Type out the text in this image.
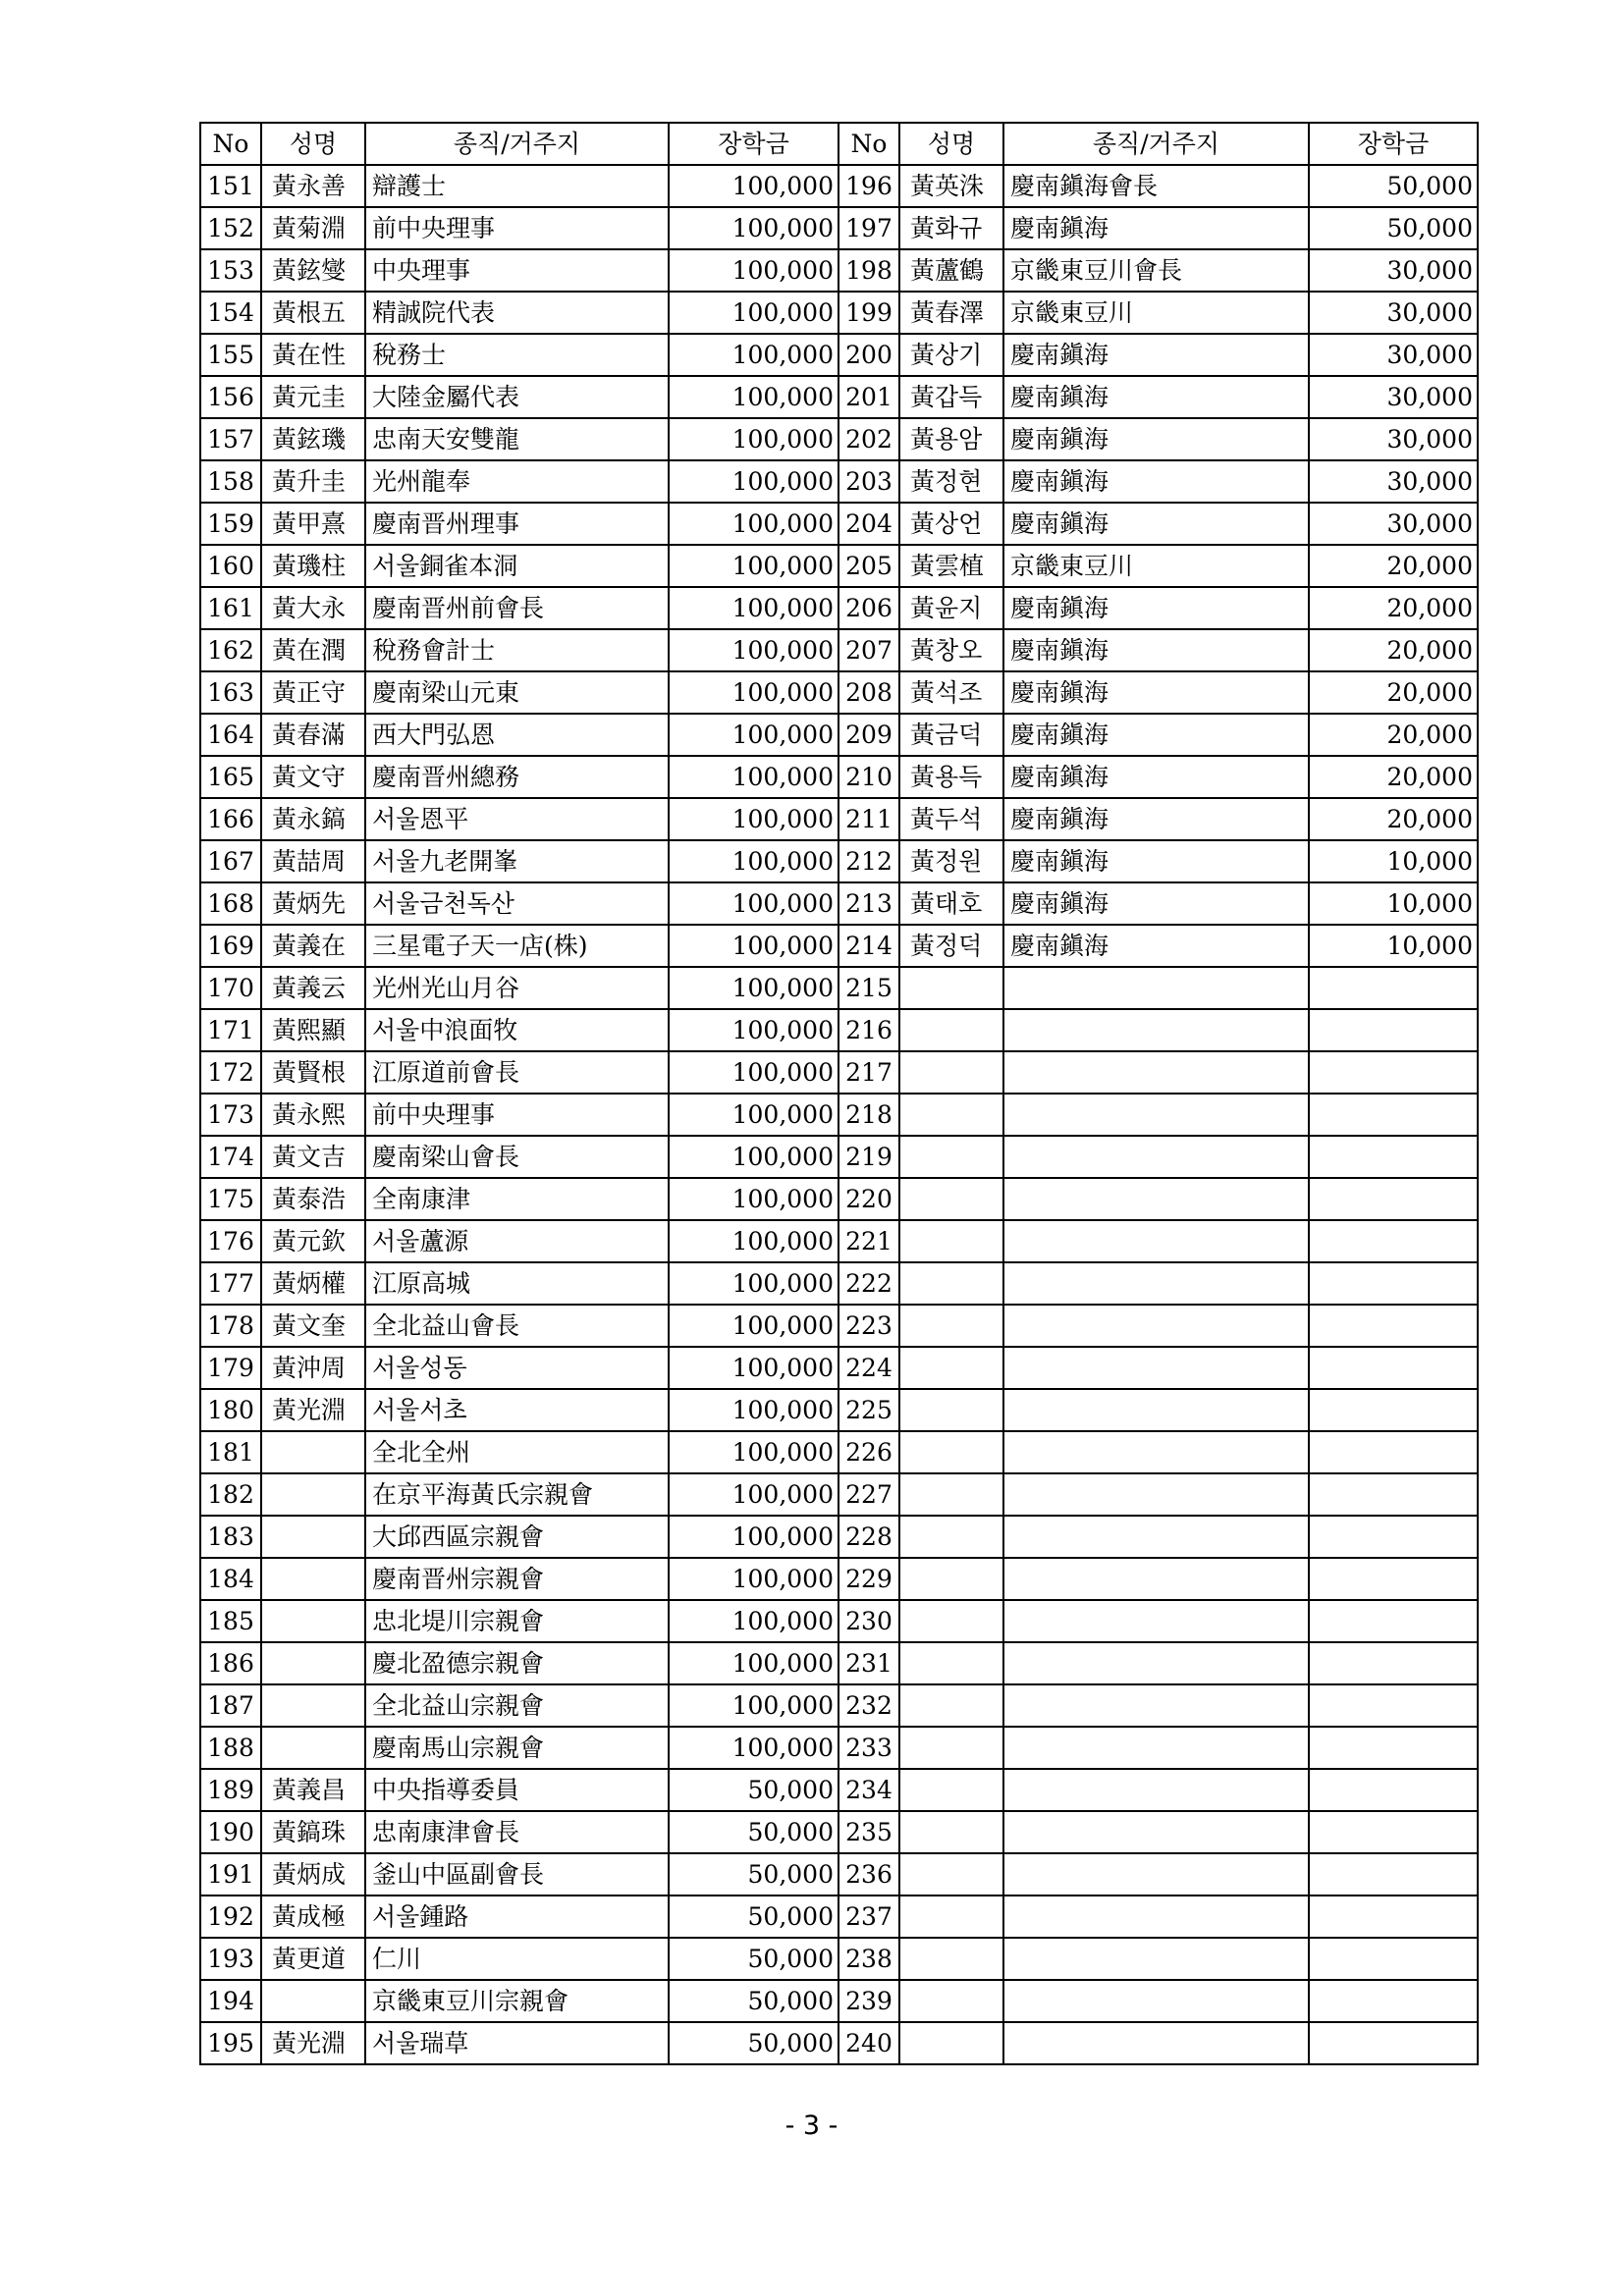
No	성명	종직/거주지	장학금	No	성명	종직/거주지	장학금
151	黃永善	辯護士	100,000	196	黃英洙	慶南鎭海會長	50,000
152	黃菊淵	前中央理事	100,000	197	黃화규	慶南鎭海	50,000
153	黃鉉燮	中央理事	100,000	198	黃蘆鶴	京畿東豆川會長	30,000
154	黃根五	精誠院代表	100,000	199	黃春澤	京畿東豆川	30,000
155	黃在性	稅務士	100,000	200	黃상기	慶南鎭海	30,000
156	黃元圭	大陸金屬代表	100,000	201	黃갑득	慶南鎭海	30,000
157	黃鉉璣	忠南天安雙龍	100,000	202	黃용암	慶南鎭海	30,000
158	黃升圭	光州龍奉	100,000	203	黃정현	慶南鎭海	30,000
159	黃甲熹	慶南晋州理事	100,000	204	黃상언	慶南鎭海	30,000
160	黃璣柱	서울銅雀本洞	100,000	205	黃雲植	京畿東豆川	20,000
161	黃大永	慶南晋州前會長	100,000	206	黃윤지	慶南鎭海	20,000
162	黃在潤	稅務會計士	100,000	207	黃창오	慶南鎭海	20,000
163	黃正守	慶南梁山元東	100,000	208	黃석조	慶南鎭海	20,000
164	黃春滿	西大門弘恩	100,000	209	黃금덕	慶南鎭海	20,000
165	黃文守	慶南晋州總務	100,000	210	黃용득	慶南鎭海	20,000
166	黃永鎬	서울恩平	100,000	211	黃두석	慶南鎭海	20,000
167	黃喆周	서울九老開峯	100,000	212	黃정원	慶南鎭海	10,000
168	黃炳先	서울금천독산	100,000	213	黃태호	慶南鎭海	10,000
169	黃義在	三星電子天一店(株)	100,000	214	黃정덕	慶南鎭海	10,000
170	黃義云	光州光山月谷	100,000	215			
171	黃熙顯	서울中浪面牧	100,000	216			
172	黃賢根	江原道前會長	100,000	217			
173	黃永熙	前中央理事	100,000	218			
174	黃文吉	慶南梁山會長	100,000	219			
175	黃泰浩	全南康津	100,000	220			
176	黃元欽	서울蘆源	100,000	221			
177	黃炳權	江原高城	100,000	222			
178	黃文奎	全北益山會長	100,000	223			
179	黃沖周	서울성동	100,000	224			
180	黃光淵	서울서초	100,000	225			
181		全北全州	100,000	226			
182		在京平海黃氏宗親會	100,000	227			
183		大邱西區宗親會	100,000	228			
184		慶南晋州宗親會	100,000	229			
185		忠北堤川宗親會	100,000	230			
186		慶北盈德宗親會	100,000	231			
187		全北益山宗親會	100,000	232			
188		慶南馬山宗親會	100,000	233			
189	黃義昌	中央指導委員	50,000	234			
190	黃鎬珠	忠南康津會長	50,000	235			
191	黃炳成	釜山中區副會長	50,000	236			
192	黃成極	서울鍾路	50,000	237			
193	黃更道	仁川	50,000	238			
194		京畿東豆川宗親會	50,000	239			
195	黃光淵	서울瑞草	50,000	240			
- 3 -
